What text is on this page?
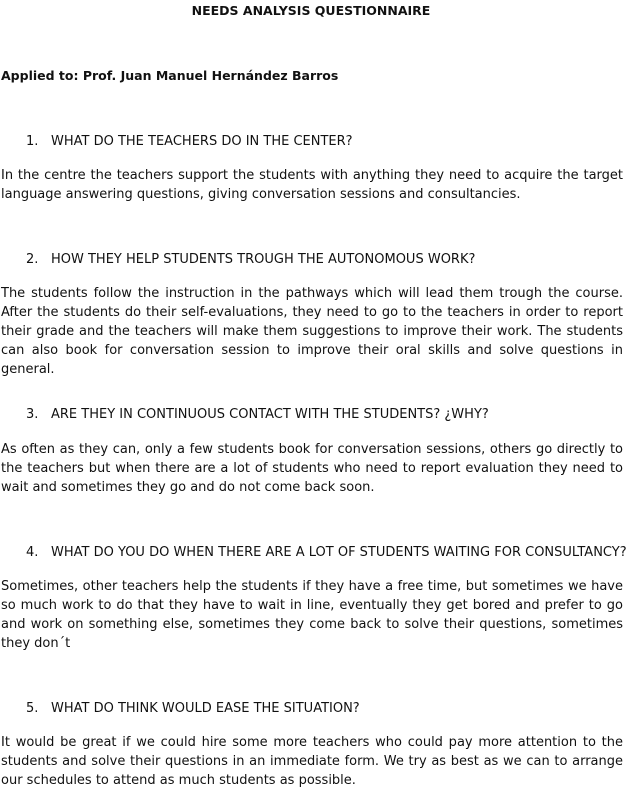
NEEDS ANALYSIS QUESTIONNAIRE
Applied to: Prof. Juan Manuel Hernández Barros
1. WHAT DO THE TEACHERS DO IN THE CENTER?
In the centre the teachers support the students with anything they need to acquire the target language answering questions, giving conversation sessions and consultancies.
2. HOW THEY HELP STUDENTS TROUGH THE AUTONOMOUS WORK?
The students follow the instruction in the pathways which will lead them trough the course. After the students do their self-evaluations, they need to go to the teachers in order to report their grade and the teachers will make them suggestions to improve their work. The students can also book for conversation session to improve their oral skills and solve questions in general.
3. ARE THEY IN CONTINUOUS CONTACT WITH THE STUDENTS? ¿WHY?
As often as they can, only a few students book for conversation sessions, others go directly to the teachers but when there are a lot of students who need to report evaluation they need to wait and sometimes they go and do not come back soon.
4. WHAT DO YOU DO WHEN THERE ARE A LOT OF STUDENTS WAITING FOR CONSULTANCY?
Sometimes, other teachers help the students if they have a free time, but sometimes we have so much work to do that they have to wait in line, eventually they get bored and prefer to go and work on something else, sometimes they come back to solve their questions, sometimes they don´t
5. WHAT DO THINK WOULD EASE THE SITUATION?
It would be great if we could hire some more teachers who could pay more attention to the students and solve their questions in an immediate form. We try as best as we can to arrange our schedules to attend as much students as possible.
